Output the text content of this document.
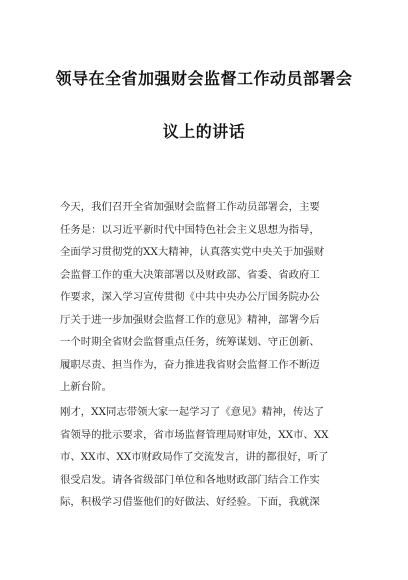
领导在全省加强财会监督工作动员部署会
议上的讲话
今天，我们召开全省加强财会监督工作动员部署会，主要
任务是：以习近平新时代中国特色社会主义思想为指导，
全面学习贯彻党的XX大精神，认真落实党中央关于加强财
会监督工作的重大决策部署以及财政部、省委、省政府工
作要求，深入学习宣传贯彻《中共中央办公厅国务院办公
厅关于进一步加强财会监督工作的意见》精神，部署今后
一个时期全省财会监督重点任务，统筹谋划、守正创新、
履职尽责、担当作为，奋力推进我省财会监督工作不断迈
上新台阶。
刚才，XX同志带领大家一起学习了《意见》精神，传达了
省领导的批示要求，省市场监督管理局财审处，XX市、XX
市、XX市、XX市财政局作了交流发言，讲的都很好，听了
很受启发。请各省级部门单位和各地财政部门结合工作实
际，积极学习借鉴他们的好做法、好经验。下面，我就深
